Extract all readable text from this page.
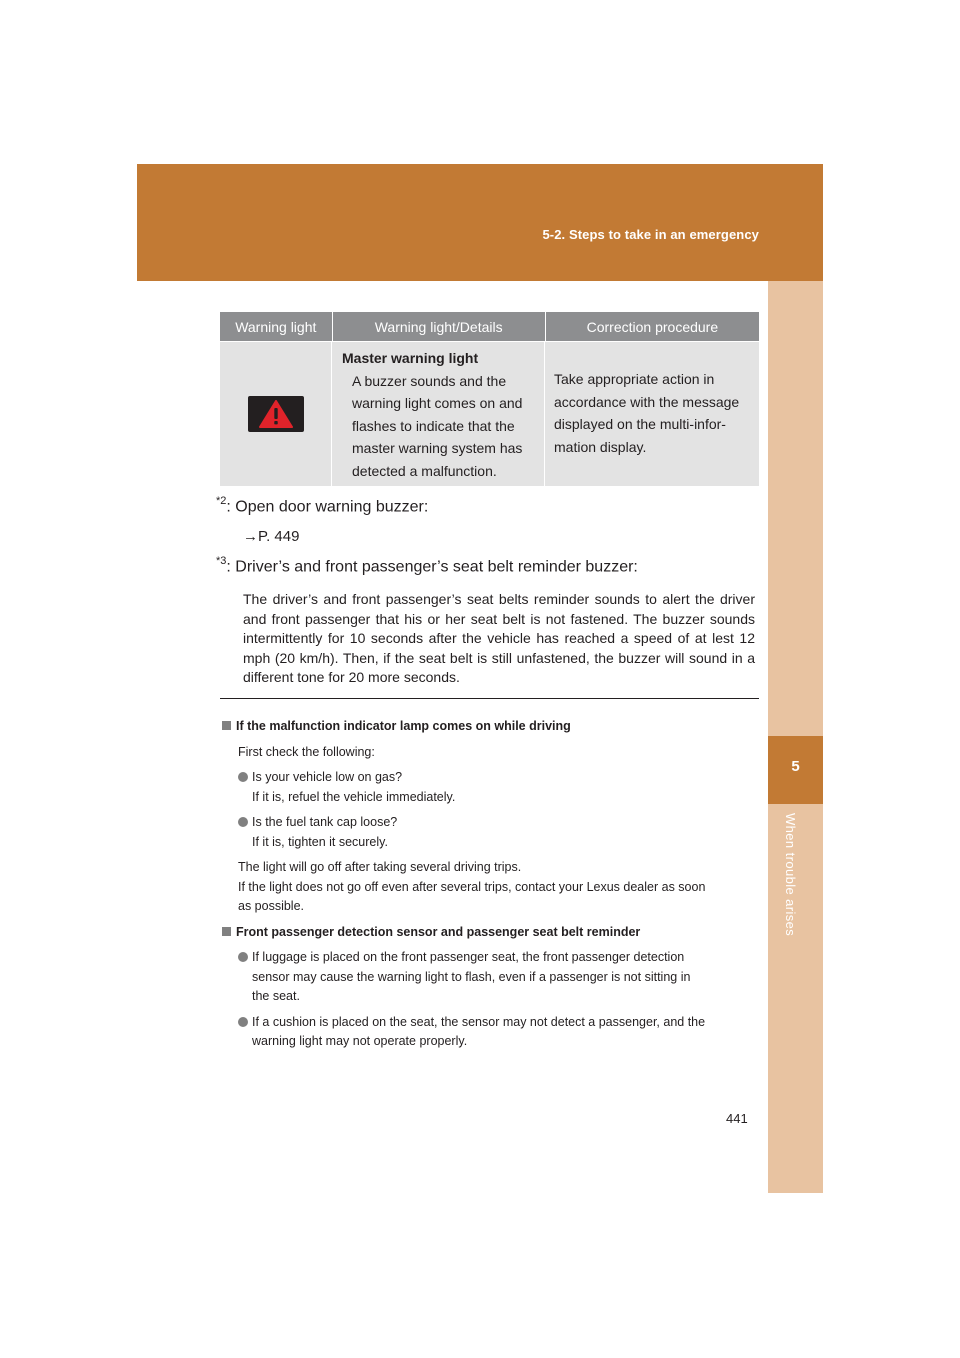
5-2. Steps to take in an emergency
5
When trouble arises
Warning light	Warning light/Details	Correction procedure
Master warning light
A buzzer sounds and the
warning light comes on and
flashes to indicate that the
master warning system has
detected a malfunction.
Take appropriate action in
accordance with the message
displayed on the multi-infor-
mation display.
$^{*2}$: Open door warning buzzer:
→P. 449
$^{*3}$: Driver’s and front passenger’s seat belt reminder buzzer:
The driver’s and front passenger’s seat belts reminder sounds to alert the driver and front passenger that his or her seat belt is not fastened. The buzzer sounds intermittently for 10 seconds after the vehicle has reached a speed of at lest 12 mph (20 km/h). Then, if the seat belt is still unfastened, the buzzer will sound in a different tone for 20 more seconds.
If the malfunction indicator lamp comes on while driving
First check the following:
Is your vehicle low on gas?
If it is, refuel the vehicle immediately.
Is the fuel tank cap loose?
If it is, tighten it securely.
The light will go off after taking several driving trips.
If the light does not go off even after several trips, contact your Lexus dealer as soon
as possible.
Front passenger detection sensor and passenger seat belt reminder
If luggage is placed on the front passenger seat, the front passenger detection
sensor may cause the warning light to flash, even if a passenger is not sitting in
the seat.
If a cushion is placed on the seat, the sensor may not detect a passenger, and the
warning light may not operate properly.
441
